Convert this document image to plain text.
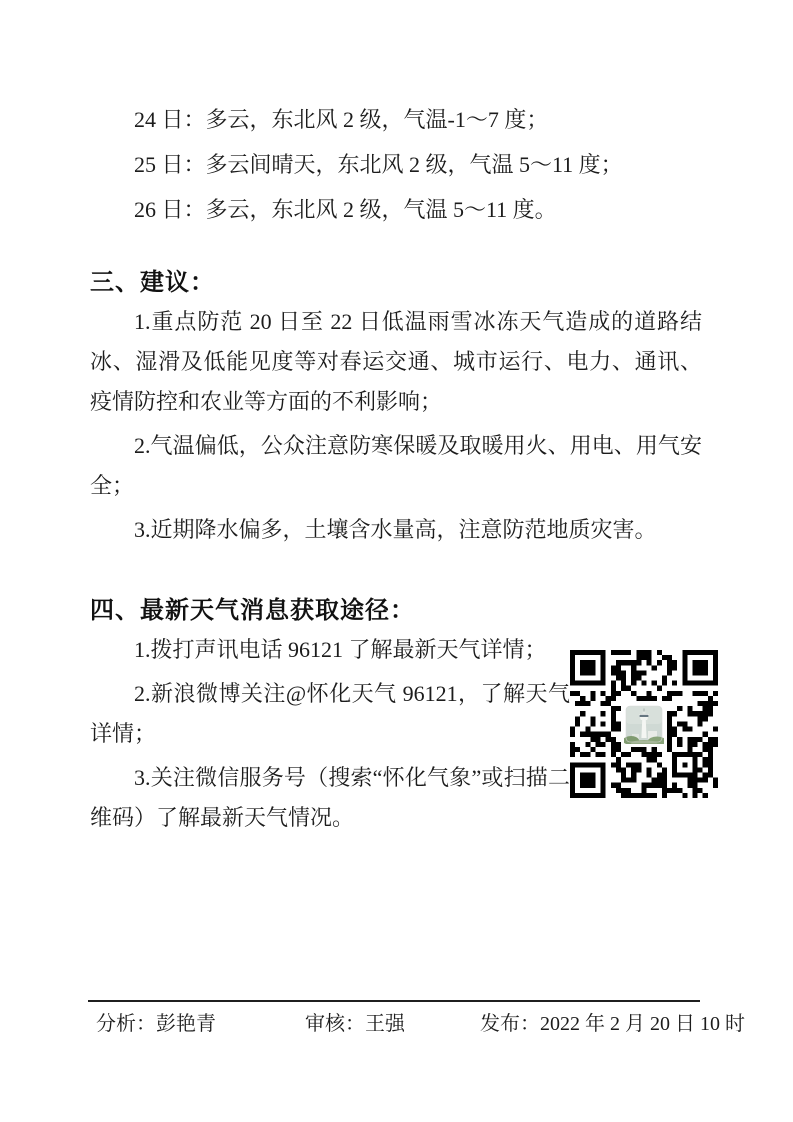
24 日：多云，东北风 2 级，气温-1～7 度；
25 日：多云间晴天，东北风 2 级，气温 5～11 度；
26 日：多云，东北风 2 级，气温 5～11 度。
三、建议：

1.重点防范 20 日至 22 日低温雨雪冰冻天气造成的道路结冰、湿滑及低能见度等对春运交通、城市运行、电力、通讯、疫情防控和农业等方面的不利影响；

2.气温偏低，公众注意防寒保暖及取暖用火、用电、用气安全；

3.近期降水偏多，土壤含水量高，注意防范地质灾害。

四、最新天气消息获取途径：

1.拨打声讯电话 96121 了解最新天气详情；

2.新浪微博关注@怀化天气 96121，了解天气详情；

3.关注微信服务号（搜索“怀化气象”或扫描二维码）了解最新天气情况。

分析：彭艳青	审核：王强	发布：2022 年 2 月 20 日 10 时
